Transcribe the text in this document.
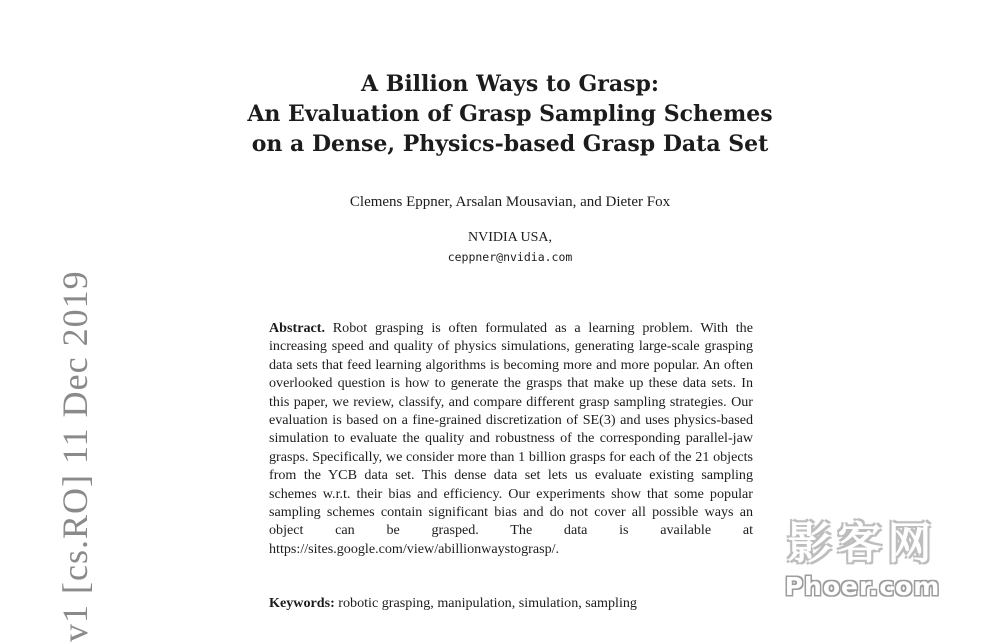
A Billion Ways to Grasp:
An Evaluation of Grasp Sampling Schemes
on a Dense, Physics-based Grasp Data Set
Clemens Eppner, Arsalan Mousavian, and Dieter Fox
NVIDIA USA,
ceppner@nvidia.com
Abstract. Robot grasping is often formulated as a learning problem. With the increasing speed and quality of physics simulations, generating large-scale grasping data sets that feed learning algorithms is becoming more and more popular. An often overlooked question is how to generate the grasps that make up these data sets. In this paper, we review, classify, and compare different grasp sampling strategies. Our evaluation is based on a fine-grained discretization of SE(3) and uses physics-based simulation to evaluate the quality and robustness of the corresponding parallel-jaw grasps. Specifically, we consider more than 1 billion grasps for each of the 21 objects from the YCB data set. This dense data set lets us evaluate existing sampling schemes w.r.t. their bias and efficiency. Our experiments show that some popular sampling schemes contain significant bias and do not cover all possible ways an object can be grasped. The data is available at https://sites.google.com/view/abillionwaystograsp/.
Keywords: robotic grasping, manipulation, simulation, sampling
v1 [cs.RO] 11 Dec 2019	影客网
Phoer.com
